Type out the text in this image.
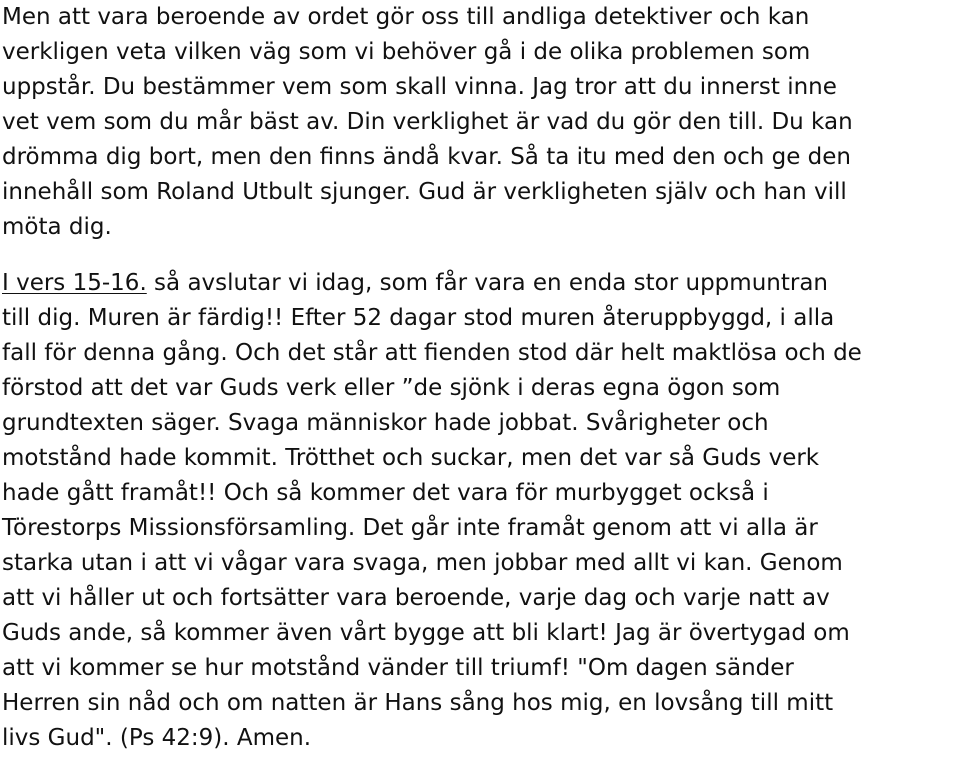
Men att vara beroende av ordet gör oss till andliga detektiver och kan
verkligen veta vilken väg som vi behöver gå i de olika problemen som
uppstår. Du bestämmer vem som skall vinna. Jag tror att du innerst inne
vet vem som du mår bäst av. Din verklighet är vad du gör den till. Du kan
drömma dig bort, men den finns ändå kvar. Så ta itu med den och ge den
innehåll som Roland Utbult sjunger. Gud är verkligheten själv och han vill
möta dig.
I vers 15-16. så avslutar vi idag, som får vara en enda stor uppmuntran
till dig. Muren är färdig!! Efter 52 dagar stod muren återuppbyggd, i alla
fall för denna gång. Och det står att fienden stod där helt maktlösa och de
förstod att det var Guds verk eller ”de sjönk i deras egna ögon som
grundtexten säger. Svaga människor hade jobbat. Svårigheter och
motstånd hade kommit. Trötthet och suckar, men det var så Guds verk
hade gått framåt!! Och så kommer det vara för murbygget också i
Törestorps Missionsförsamling. Det går inte framåt genom att vi alla är
starka utan i att vi vågar vara svaga, men jobbar med allt vi kan. Genom
att vi håller ut och fortsätter vara beroende, varje dag och varje natt av
Guds ande, så kommer även vårt bygge att bli klart! Jag är övertygad om
att vi kommer se hur motstånd vänder till triumf! "Om dagen sänder
Herren sin nåd och om natten är Hans sång hos mig, en lovsång till mitt
livs Gud". (Ps 42:9). Amen.
